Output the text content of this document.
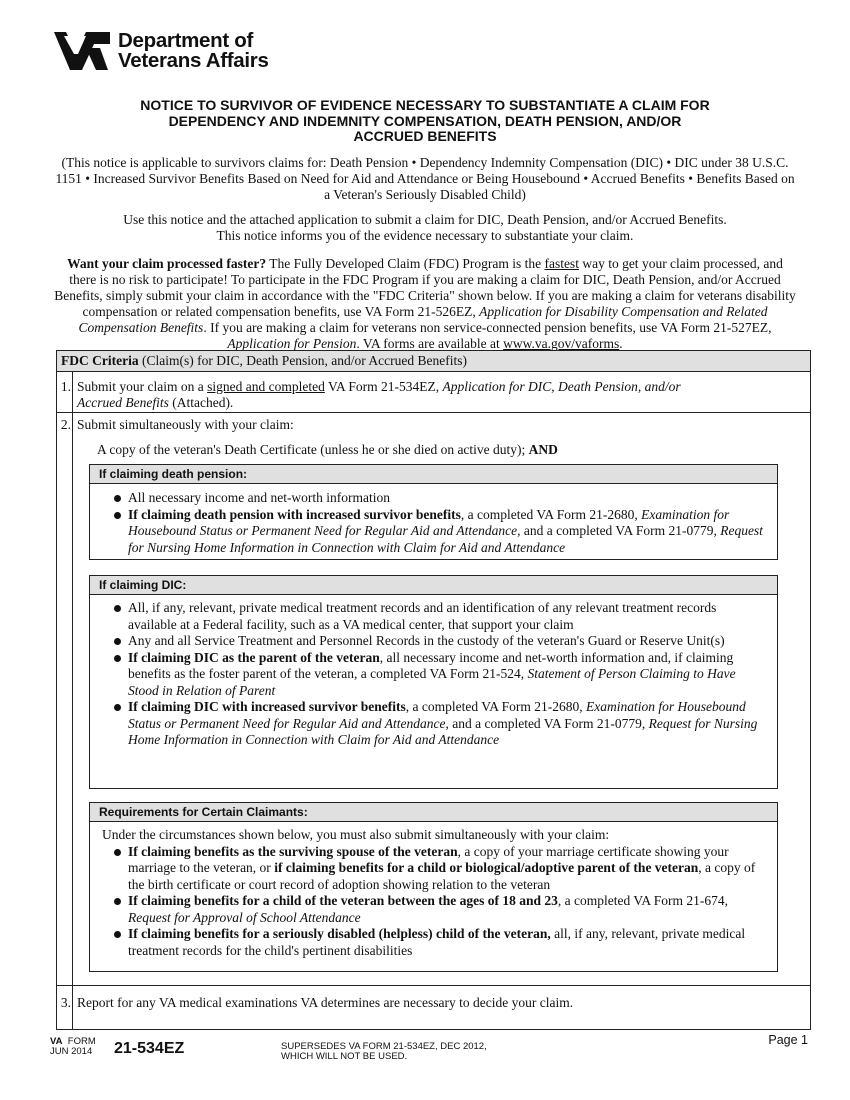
Department of
Veterans Affairs
NOTICE TO SURVIVOR OF EVIDENCE NECESSARY TO SUBSTANTIATE A CLAIM FOR
DEPENDENCY AND INDEMNITY COMPENSATION, DEATH PENSION, AND/OR
ACCRUED BENEFITS
(This notice is applicable to survivors claims for: Death Pension • Dependency Indemnity Compensation (DIC) • DIC under 38 U.S.C. 1151 • Increased Survivor Benefits Based on Need for Aid and Attendance or Being Housebound • Accrued Benefits • Benefits Based on a Veteran's Seriously Disabled Child)
Use this notice and the attached application to submit a claim for DIC, Death Pension, and/or Accrued Benefits.
This notice informs you of the evidence necessary to substantiate your claim.
Want your claim processed faster? The Fully Developed Claim (FDC) Program is the fastest way to get your claim processed, and there is no risk to participate! To participate in the FDC Program if you are making a claim for DIC, Death Pension, and/or Accrued Benefits, simply submit your claim in accordance with the "FDC Criteria" shown below. If you are making a claim for veterans disability compensation or related compensation benefits, use VA Form 21-526EZ, Application for Disability Compensation and Related Compensation Benefits. If you are making a claim for veterans non service-connected pension benefits, use VA Form 21-527EZ, Application for Pension. VA forms are available at www.va.gov/vaforms.
FDC Criteria (Claim(s) for DIC, Death Pension, and/or Accrued Benefits)
1. Submit your claim on a signed and completed VA Form 21-534EZ, Application for DIC, Death Pension, and/or
Accrued Benefits (Attached).
2. Submit simultaneously with your claim:
A copy of the veteran's Death Certificate (unless he or she died on active duty); AND
If claiming death pension:
All necessary income and net-worth information
If claiming death pension with increased survivor benefits, a completed VA Form 21-2680, Examination for Housebound Status or Permanent Need for Regular Aid and Attendance, and a completed VA Form 21-0779, Request for Nursing Home Information in Connection with Claim for Aid and Attendance
If claiming DIC:
All, if any, relevant, private medical treatment records and an identification of any relevant treatment records available at a Federal facility, such as a VA medical center, that support your claim
Any and all Service Treatment and Personnel Records in the custody of the veteran's Guard or Reserve Unit(s)
If claiming DIC as the parent of the veteran, all necessary income and net-worth information and, if claiming benefits as the foster parent of the veteran, a completed VA Form 21-524, Statement of Person Claiming to Have Stood in Relation of Parent
If claiming DIC with increased survivor benefits, a completed VA Form 21-2680, Examination for Housebound Status or Permanent Need for Regular Aid and Attendance, and a completed VA Form 21-0779, Request for Nursing Home Information in Connection with Claim for Aid and Attendance
Requirements for Certain Claimants:
Under the circumstances shown below, you must also submit simultaneously with your claim:
If claiming benefits as the surviving spouse of the veteran, a copy of your marriage certificate showing your marriage to the veteran, or if claiming benefits for a child or biological/adoptive parent of the veteran, a copy of the birth certificate or court record of adoption showing relation to the veteran
If claiming benefits for a child of the veteran between the ages of 18 and 23, a completed VA Form 21-674, Request for Approval of School Attendance
If claiming benefits for a seriously disabled (helpless) child of the veteran, all, if any, relevant, private medical treatment records for the child's pertinent disabilities
3. Report for any VA medical examinations VA determines are necessary to decide your claim.
VA FORM
JUN 2014 21-534EZ	SUPERSEDES VA FORM 21-534EZ, DEC 2012,
WHICH WILL NOT BE USED.
Page 1
